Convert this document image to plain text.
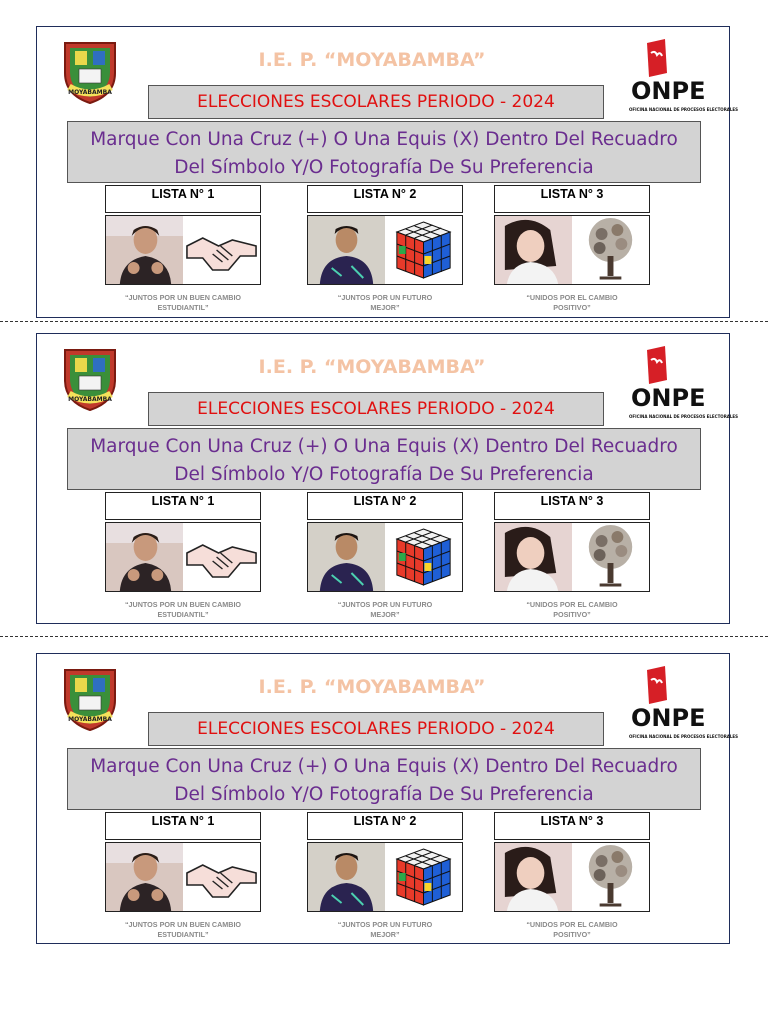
MOYABAMBA
I.E. P. “MOYABAMBA”
ONPE
OFICINA NACIONAL DE PROCESOS ELECTORALES
ELECCIONES ESCOLARES PERIODO - 2024
Marque Con Una Cruz (+) O Una Equis (X) Dentro Del Recuadro
Del Símbolo Y/O Fotografía De Su Preferencia
LISTA N° 1
“JUNTOS POR UN BUEN CAMBIO
ESTUDIANTIL”
LISTA N° 2
“JUNTOS POR UN FUTURO
MEJOR”
LISTA N° 3
“UNIDOS POR EL CAMBIO
POSITIVO”
MOYABAMBA
I.E. P. “MOYABAMBA”
ONPE
OFICINA NACIONAL DE PROCESOS ELECTORALES
ELECCIONES ESCOLARES PERIODO - 2024
Marque Con Una Cruz (+) O Una Equis (X) Dentro Del Recuadro
Del Símbolo Y/O Fotografía De Su Preferencia
LISTA N° 1
“JUNTOS POR UN BUEN CAMBIO
ESTUDIANTIL”
LISTA N° 2
“JUNTOS POR UN FUTURO
MEJOR”
LISTA N° 3
“UNIDOS POR EL CAMBIO
POSITIVO”
MOYABAMBA
I.E. P. “MOYABAMBA”
ONPE
OFICINA NACIONAL DE PROCESOS ELECTORALES
ELECCIONES ESCOLARES PERIODO - 2024
Marque Con Una Cruz (+) O Una Equis (X) Dentro Del Recuadro
Del Símbolo Y/O Fotografía De Su Preferencia
LISTA N° 1
“JUNTOS POR UN BUEN CAMBIO
ESTUDIANTIL”
LISTA N° 2
“JUNTOS POR UN FUTURO
MEJOR”
LISTA N° 3
“UNIDOS POR EL CAMBIO
POSITIVO”
